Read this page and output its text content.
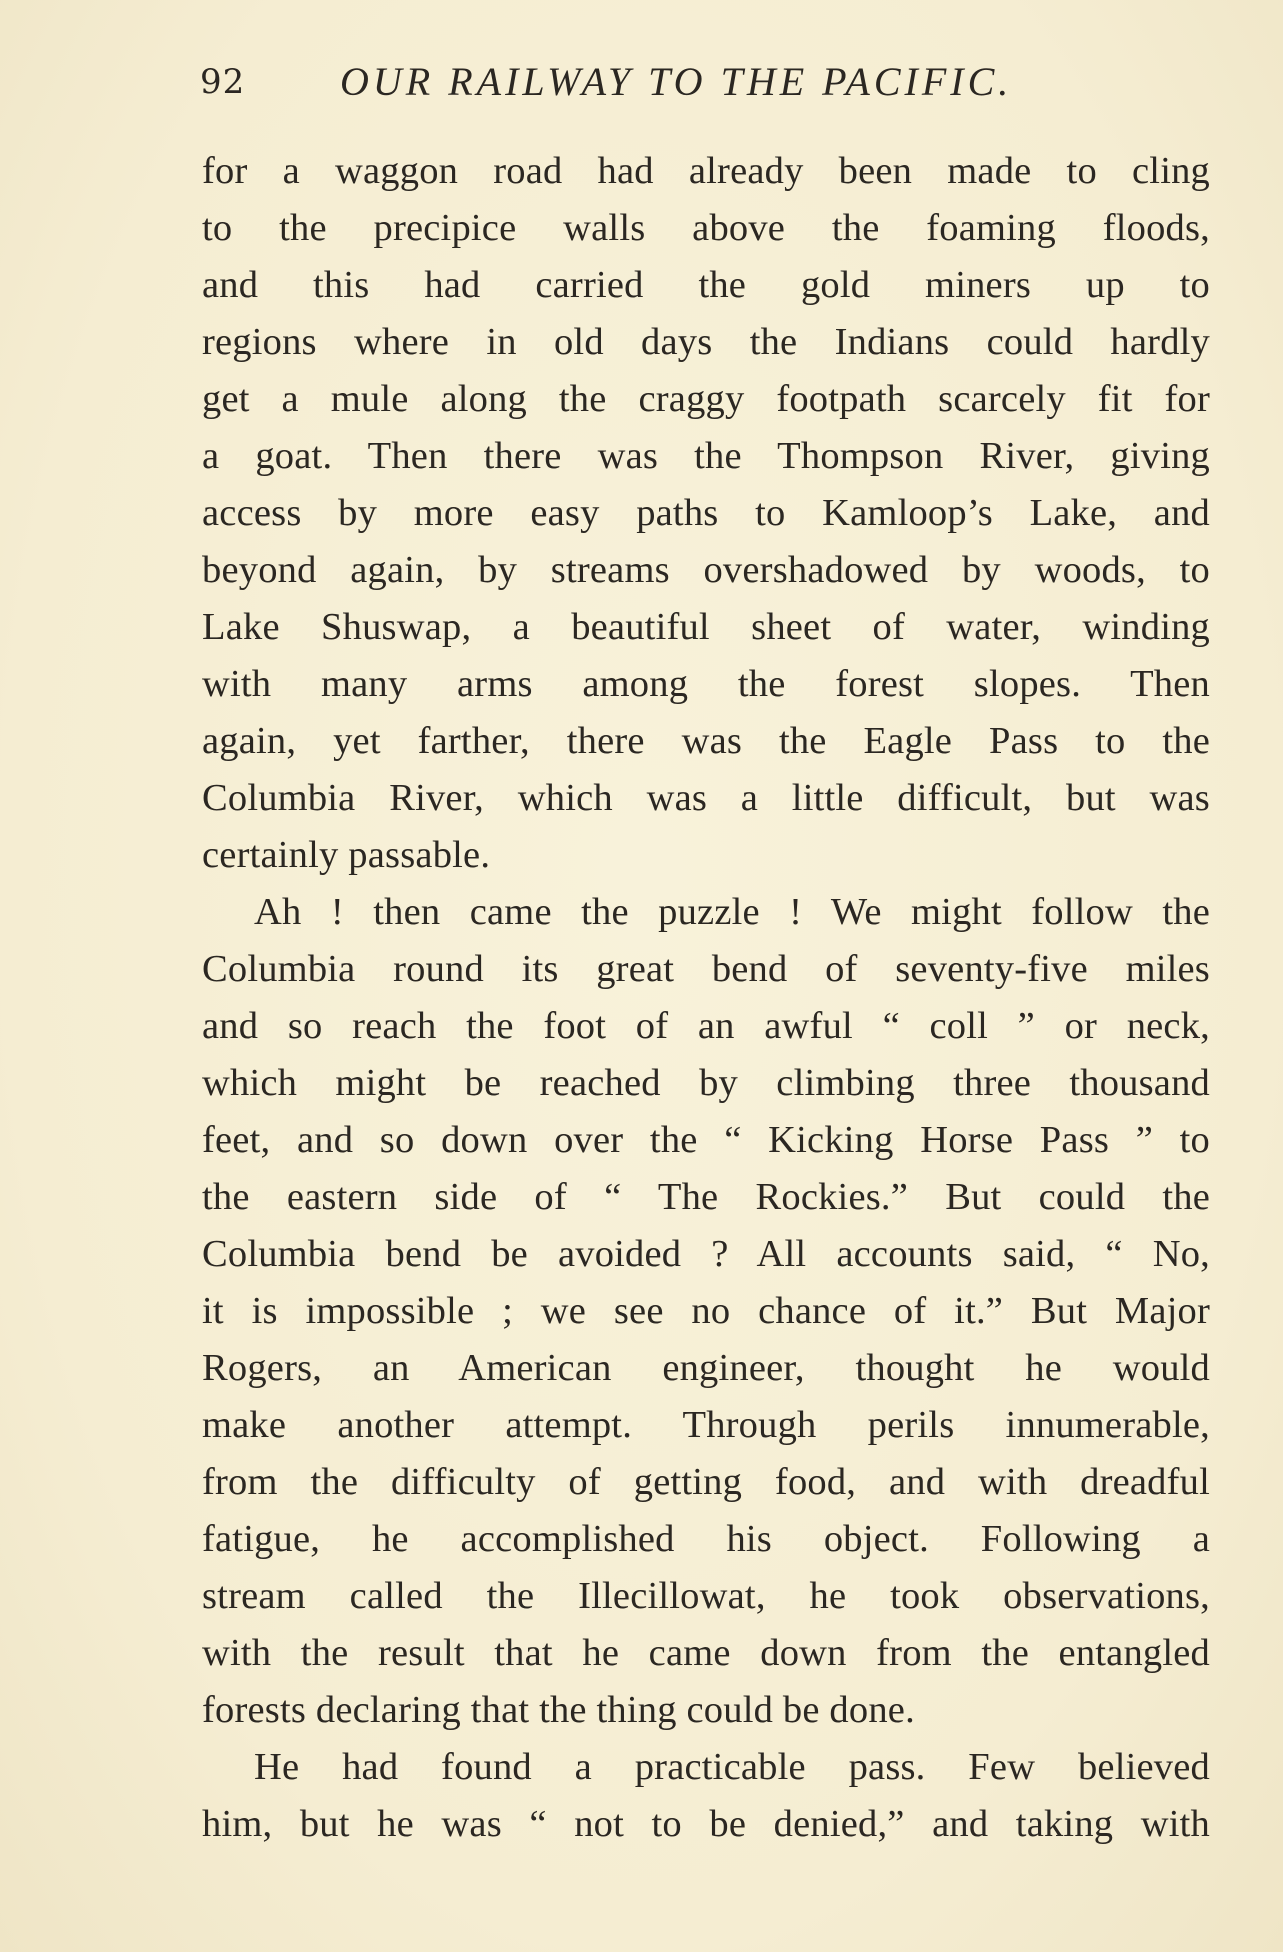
92 OUR RAILWAY TO THE PACIFIC.
for a waggon road had already been made to cling
to the precipice walls above the foaming floods,
and this had carried the gold miners up to
regions where in old days the Indians could hardly
get a mule along the craggy footpath scarcely fit for
a goat. Then there was the Thompson River, giving
access by more easy paths to Kamloop’s Lake, and
beyond again, by streams overshadowed by woods, to
Lake Shuswap, a beautiful sheet of water, winding
with many arms among the forest slopes. Then
again, yet farther, there was the Eagle Pass to the
Columbia River, which was a little difficult, but was
certainly passable.
Ah ! then came the puzzle ! We might follow the
Columbia round its great bend of seventy-five miles
and so reach the foot of an awful “ coll ” or neck,
which might be reached by climbing three thousand
feet, and so down over the “ Kicking Horse Pass ” to
the eastern side of “ The Rockies.” But could the
Columbia bend be avoided ? All accounts said, “ No,
it is impossible ; we see no chance of it.” But Major
Rogers, an American engineer, thought he would
make another attempt. Through perils innumerable,
from the difficulty of getting food, and with dreadful
fatigue, he accomplished his object. Following a
stream called the Illecillowat, he took observations,
with the result that he came down from the entangled
forests declaring that the thing could be done.
He had found a practicable pass. Few believed
him, but he was “ not to be denied,” and taking with
